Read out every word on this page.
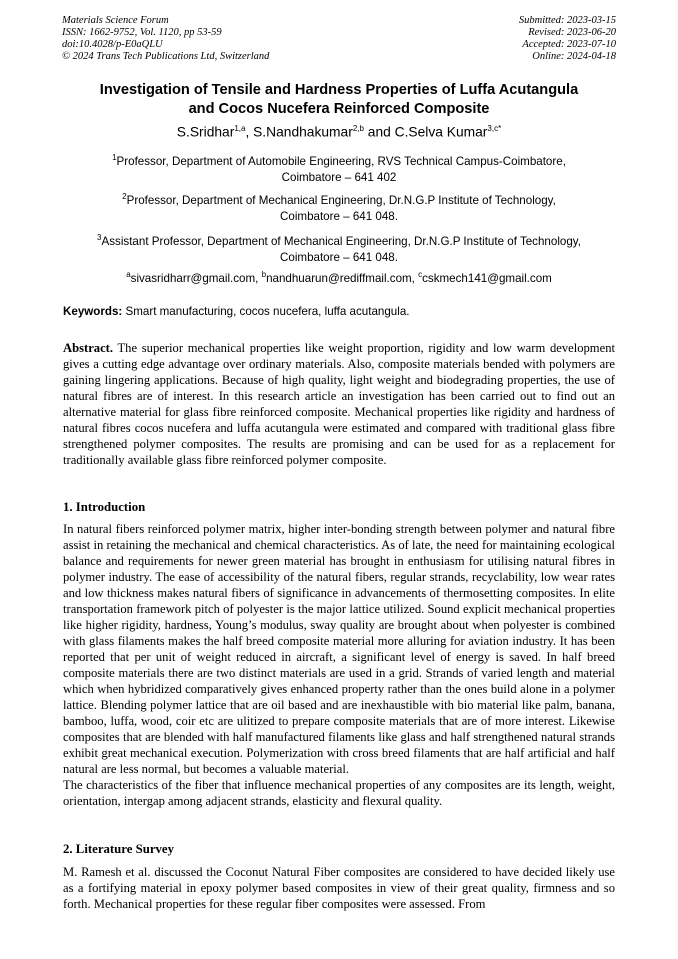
Materials Science Forum
ISSN: 1662-9752, Vol. 1120, pp 53-59
doi:10.4028/p-E0aQLU
© 2024 Trans Tech Publications Ltd, Switzerland
Submitted: 2023-03-15
Revised: 2023-06-20
Accepted: 2023-07-10
Online: 2024-04-18
Investigation of Tensile and Hardness Properties of Luffa Acutangula
and Cocos Nucefera Reinforced Composite
S.Sridhar$^{1,a}$, S.Nandhakumar$^{2,b}$ and C.Selva Kumar$^{3,c*}$
$^1$Professor, Department of Automobile Engineering, RVS Technical Campus-Coimbatore,
Coimbatore – 641 402
$^2$Professor, Department of Mechanical Engineering, Dr.N.G.P Institute of Technology,
Coimbatore – 641 048.
$^3$Assistant Professor, Department of Mechanical Engineering, Dr.N.G.P Institute of Technology,
Coimbatore – 641 048.
$^a$sivasridharr@gmail.com, $^b$nandhuarun@rediffmail.com, $^c$cskmech141@gmail.com
Keywords: Smart manufacturing, cocos nucefera, luffa acutangula.

Abstract. The superior mechanical properties like weight proportion, rigidity and low warm development gives a cutting edge advantage over ordinary materials. Also, composite materials bended with polymers are gaining lingering applications. Because of high quality, light weight and biodegrading properties, the use of natural fibres are of interest. In this research article an investigation has been carried out to find out an alternative material for glass fibre reinforced composite. Mechanical properties like rigidity and hardness of natural fibres cocos nucefera and luffa acutangula were estimated and compared with traditional glass fibre strengthened polymer composites. The results are promising and can be used for as a replacement for traditionally available glass fibre reinforced polymer composite.

1. Introduction

In natural fibers reinforced polymer matrix, higher inter-bonding strength between polymer and natural fibre assist in retaining the mechanical and chemical characteristics. As of late, the need for maintaining ecological balance and requirements for newer green material has brought in enthusiasm for utilising natural fibres in polymer industry. The ease of accessibility of the natural fibers, regular strands, recyclability, low wear rates and low thickness makes natural fibers of significance in advancements of thermosetting composites. In elite transportation framework pitch of polyester is the major lattice utilized. Sound explicit mechanical properties like higher rigidity, hardness, Young’s modulus, sway quality are brought about when polyester is combined with glass filaments makes the half breed composite material more alluring for aviation industry. It has been reported that per unit of weight reduced in aircraft, a significant level of energy is saved. In half breed composite materials there are two distinct materials are used in a grid. Strands of varied length and material which when hybridized comparatively gives enhanced property rather than the ones build alone in a polymer lattice. Blending polymer lattice that are oil based and are inexhaustible with bio material like palm, banana, bamboo, luffa, wood, coir etc are ulitized to prepare composite materials that are of more interest. Likewise composites that are blended with half manufactured filaments like glass and half strengthened natural strands exhibit great mechanical execution. Polymerization with cross breed filaments that are half artificial and half natural are less normal, but becomes a valuable material.

The characteristics of the fiber that influence mechanical properties of any composites are its length, weight, orientation, intergap among adjacent strands, elasticity and flexural quality.

2. Literature Survey

M. Ramesh et al. discussed the Coconut Natural Fiber composites are considered to have decided likely use as a fortifying material in epoxy polymer based composites in view of their great quality, firmness and so forth. Mechanical properties for these regular fiber composites were assessed. From
